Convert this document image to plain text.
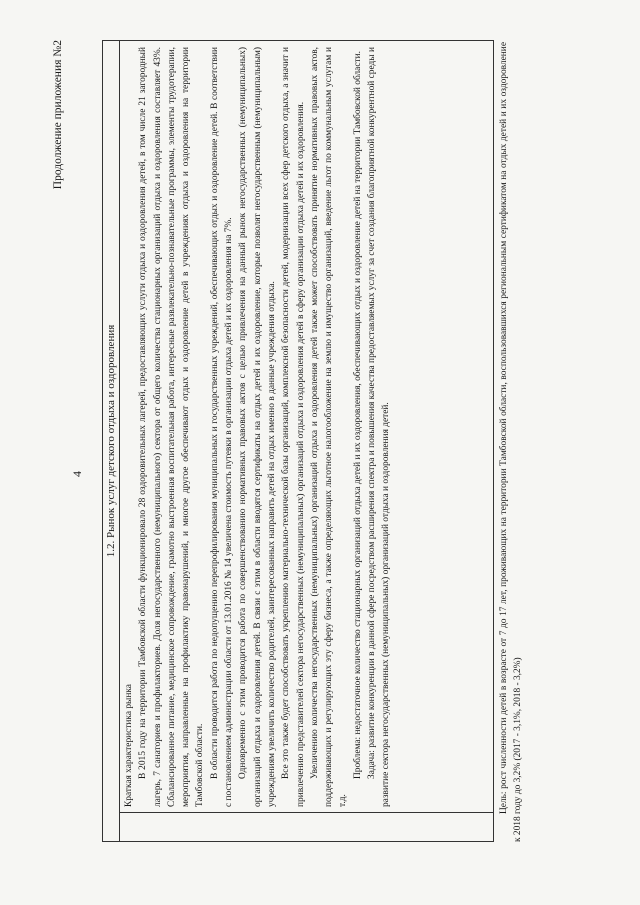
Продолжение приложения №2
4 1.2. Рынок услуг детского отдыха и оздоровления

Краткая характеристика рынка В 2015 году на территории Тамбовской области функционировало 28 оздоровительных лагерей, предоставляющих услуги отдыха и оздоровления детей, в том числе 21 загородный лагерь, 7 санаториев и профилакториев. Доля негосударственного (немуниципального) сектора от общего количества стационарных организаций отдыха и оздоровления составляет 43%. Сбалансированное питание, медицинское сопровождение, грамотно выстроенная воспитательная работа, интересные развлекательно-познавательные программы, элементы трудотерапии, мероприятия, направленные на профилактику правонарушений, и многое другое обеспечивают отдых и оздоровление детей в учреждениях отдыха и оздоровления на территории Тамбовской области. В области проводится работа по недопущению перепрофилирования муниципальных и государственных учреждений, обеспечивающих отдых и оздоровление детей. В соответствии с постановлением администрации области от 13.01.2016 № 14 увеличена стоимость путевки в организации отдыха детей и их оздоровления на 7%. Одновременно с этим проводится работа по совершенствованию нормативных правовых актов с целью привлечения на данный рынок негосударственных (немуниципальных) организаций отдыха и оздоровления детей. В связи с этим в области вводятся сертификаты на отдых детей и их оздоровление, которые позволят негосударственным (немуниципальным) учреждениям увеличить количество родителей, заинтересованных направить детей на отдых именно в данные учреждения отдыха. Все это также будет способствовать укреплению материально-технической базы организаций, комплексной безопасности детей, модернизации всех сфер детского отдыха, а значит и привлечению представителей сектора негосударственных (немуниципальных) организаций отдыха и оздоровления детей в сферу организации отдыха детей и их оздоровления. Увеличению количества негосударственных (немуниципальных) организаций отдыха и оздоровления детей также может способствовать принятие нормативных правовых актов, поддерживающих и регулирующих эту сферу бизнеса, а также определяющих льготное налогообложение на землю и имущество организаций, введение льгот по коммунальным услугам и т.д.

Проблема: недостаточное количество стационарных организаций отдыха детей и их оздоровления, обеспечивающих отдых и оздоровление детей на территории Тамбовской области. Задача: развитие конкуренции в данной сфере посредством расширения спектра и повышения качества предоставляемых услуг за счет создания благоприятной конкурентной среды и развитие сектора негосударственных (немуниципальных) организаций отдыха и оздоровления детей.	Цель: рост численности детей в возрасте от 7 до 17 лет, проживающих на территории Тамбовской области, воспользовавшихся региональным сертификатом на отдых детей и их оздоровление к 2018 году до 3,2% (2017 - 3,1%, 2018 - 3,2%)
